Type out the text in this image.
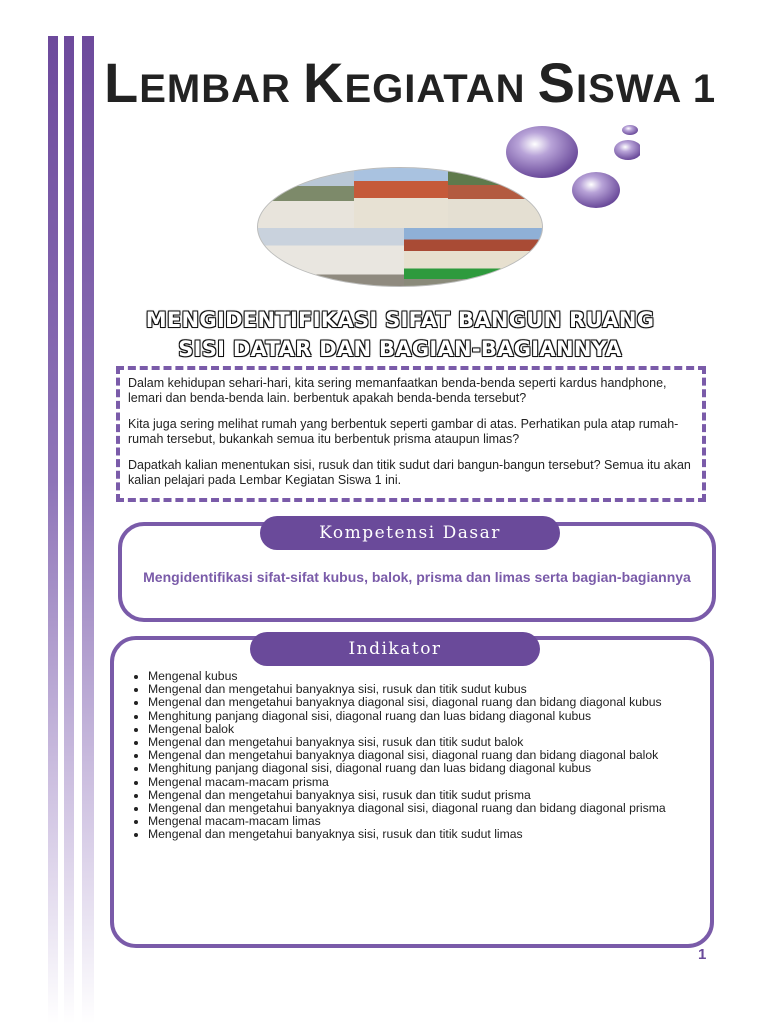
LEMBAR KEGIATAN SISWA 1
MENGIDENTIFIKASI SIFAT BANGUN RUANG
SISI DATAR DAN BAGIAN-BAGIANNYA

Dalam kehidupan sehari-hari, kita sering memanfaatkan benda-benda seperti kardus handphone, lemari dan benda-benda lain. berbentuk apakah benda-benda tersebut?

Kita juga sering melihat rumah yang berbentuk seperti gambar di atas. Perhatikan pula atap rumah-rumah tersebut, bukankah semua itu berbentuk prisma ataupun limas?

Dapatkah kalian menentukan sisi, rusuk dan titik sudut dari bangun-bangun tersebut? Semua itu akan kalian pelajari pada Lembar Kegiatan Siswa 1 ini.

Kompetensi Dasar

Mengidentifikasi sifat-sifat kubus, balok, prisma dan limas serta bagian-bagiannya

Indikator
• Mengenal kubus
• Mengenal dan mengetahui banyaknya sisi, rusuk dan titik sudut kubus
• Mengenal dan mengetahui banyaknya diagonal sisi, diagonal ruang dan bidang diagonal kubus
• Menghitung panjang diagonal sisi, diagonal ruang dan luas bidang diagonal kubus
• Mengenal balok
• Mengenal dan mengetahui banyaknya sisi, rusuk dan titik sudut balok
• Mengenal dan mengetahui banyaknya diagonal sisi, diagonal ruang dan bidang diagonal balok
• Menghitung panjang diagonal sisi, diagonal ruang dan luas bidang diagonal kubus
• Mengenal macam-macam prisma
• Mengenal dan mengetahui banyaknya sisi, rusuk dan titik sudut prisma
• Mengenal dan mengetahui banyaknya diagonal sisi, diagonal ruang dan bidang diagonal prisma
• Mengenal macam-macam limas
• Mengenal dan mengetahui banyaknya sisi, rusuk dan titik sudut limas
1
